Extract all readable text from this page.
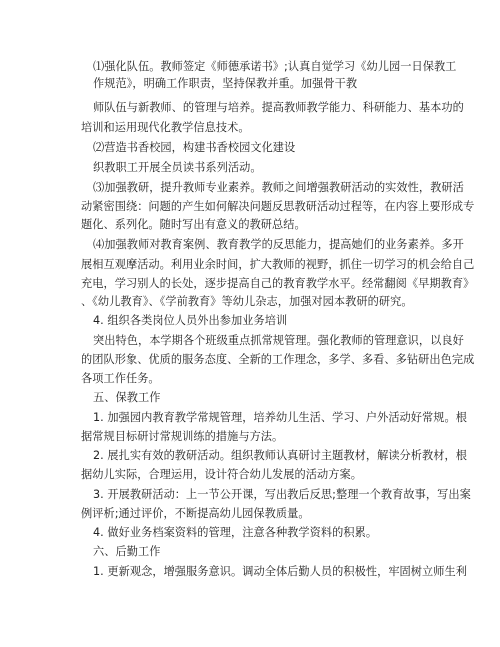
⑴强化队伍。教师签定《师德承诺书》;认真自觉学习《幼儿园一日保教工
作规范》，明确工作职责，坚持保教并重。加强骨干教
师队伍与新教师、的管理与培养。提高教师教学能力、科研能力、基本功的
培训和运用现代化教学信息技术。
⑵营造书香校园，构建书香校园文化建设
织教职工开展全员读书系列活动。
⑶加强教研，提升教师专业素养。教师之间增强教研活动的实效性，教研活
动紧密围绕：问题的产生如何解决问题反思教研活动过程等，在内容上要形成专
题化、系列化。随时写出有意义的教研总结。
⑷加强教师对教育案例、教育教学的反思能力，提高她们的业务素养。多开
展相互观摩活动。利用业余时间，扩大教师的视野，抓住一切学习的机会给自己
充电，学习别人的长处，逐步提高自己的教育教学水平。经常翻阅《早期教育》
、《幼儿教育》、《学前教育》等幼儿杂志，加强对园本教研的研究。
4. 组织各类岗位人员外出参加业务培训
突出特色，本学期各个班级重点抓常规管理。强化教师的管理意识，以良好
的团队形象、优质的服务态度、全新的工作理念，多学、多看、多钻研出色完成
各项工作任务。
五、保教工作
1. 加强园内教育教学常规管理，培养幼儿生活、学习、户外活动好常规。根
据常规目标研讨常规训练的措施与方法。
2. 展扎实有效的教研活动。组织教师认真研讨主题教材，解读分析教材，根
据幼儿实际，合理运用，设计符合幼儿发展的活动方案。
3. 开展教研活动：上一节公开课，写出教后反思;整理一个教育故事，写出案
例评析;通过评价，不断提高幼儿园保教质量。
4. 做好业务档案资料的管理，注意各种教学资料的积累。
六、后勤工作
1. 更新观念，增强服务意识。调动全体后勤人员的积极性，牢固树立师生利
